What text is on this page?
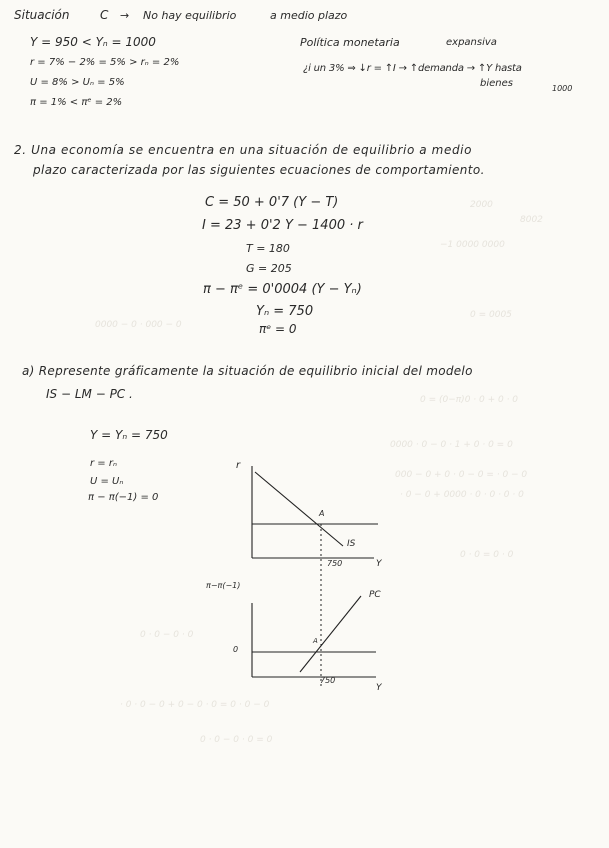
2000
8002
−1 0000 0000
0 = 0005
0 = (0−π)0 · 0 + 0 · 0
0000 · 0 − 0 · 1 + 0 · 0 = 0
000 − 0 + 0 · 0 − 0 = · 0 − 0
· 0 − 0 + 0000 · 0 · 0 · 0 · 0
0 · 0 = 0 · 0
0 · 0 − 0 · 0
· 0 · 0 − 0 + 0 − 0 · 0 = 0 · 0 − 0
0 · 0 − 0 · 0 = 0
0000 − 0 · 000 − 0
Situación	C → No hay equilibrio	a medio plazo
Y = 950 < Yₙ = 1000
r = 7% − 2% = 5% > rₙ = 2%
U = 8% > Uₙ = 5%
π = 1% < πᵉ = 2%
Política monetaria	expansiva
¿i un 3% ⇒ ↓r = ↑I → ↑demanda → ↑Y hasta
bienes	1000
2. Una economía se encuentra en una situación de equilibrio a medio
plazo caracterizada por las siguientes ecuaciones de comportamiento.
C = 50 + 0'7 (Y − T)
I = 23 + 0'2 Y − 1400 · r
T = 180
G = 205
π − πᵉ = 0'0004 (Y − Yₙ)
Yₙ = 750
πᵉ = 0
a) Represente gráficamente la situación de equilibrio inicial del modelo
IS − LM − PC .
Y = Yₙ = 750
r = rₙ
U = Uₙ
π − π(−1) = 0
r
Y
A
IS
750
π−π(−1)
Y
A
PC
0
750
